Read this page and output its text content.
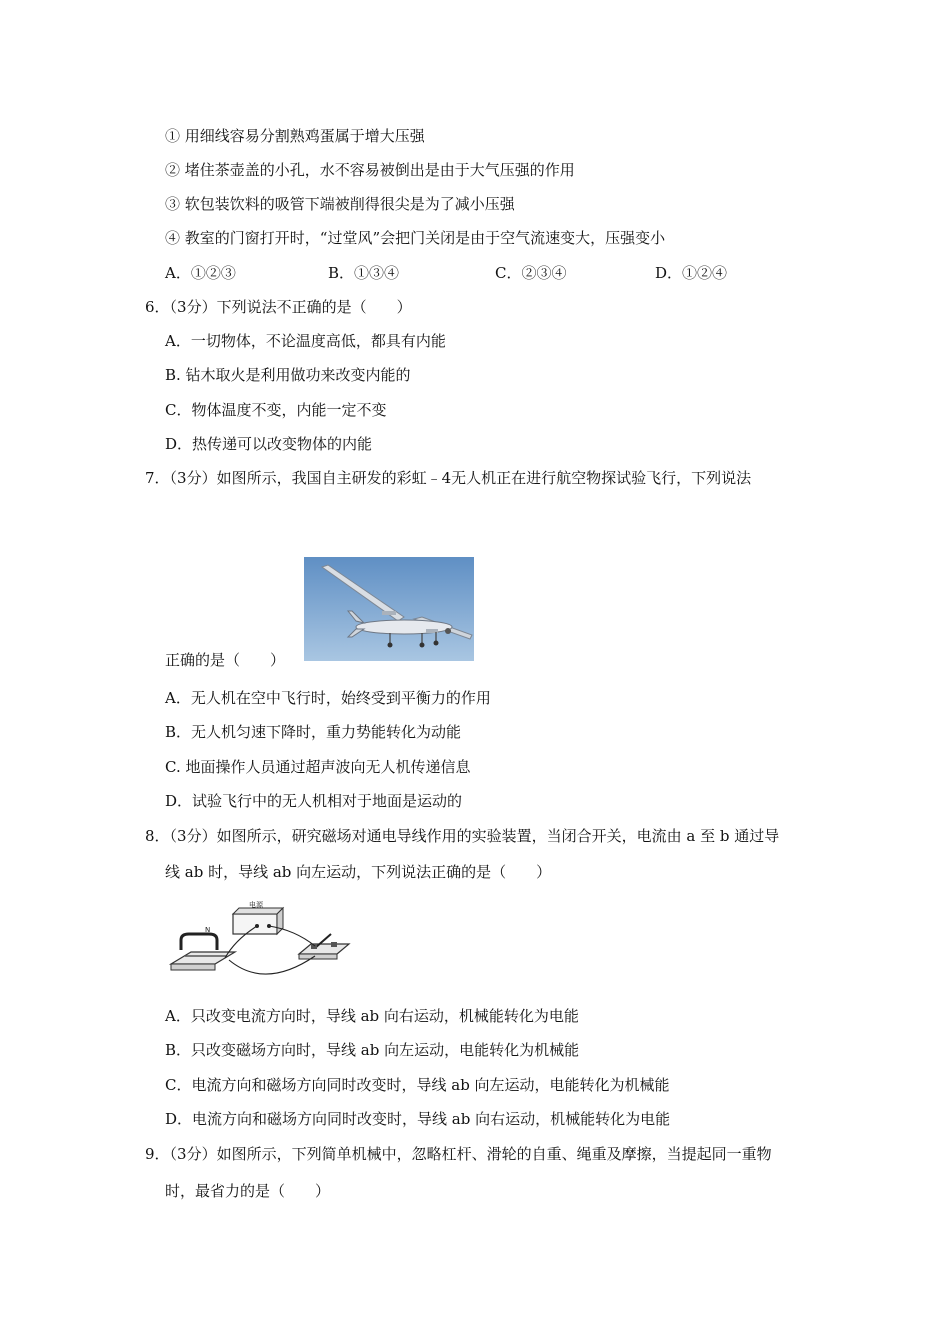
① 用细线容易分割熟鸡蛋属于增大压强
② 堵住茶壶盖的小孔，水不容易被倒出是由于大气压强的作用
③ 软包装饮料的吸管下端被削得很尖是为了减小压强
④ 教室的门窗打开时，“过堂风”会把门关闭是由于空气流速变大，压强变小
A．①②③	B．①③④	C．②③④	D．①②④
6．（3分）下列说法不正确的是（　　）
A．一切物体，不论温度高低，都具有内能
B. 钻木取火是利用做功来改变内能的
C．物体温度不变，内能一定不变
D．热传递可以改变物体的内能
7．（3分）如图所示，我国自主研发的彩虹﹣4无人机正在进行航空物探试验飞行，下列说法
正确的是（　　）
A．无人机在空中飞行时，始终受到平衡力的作用
B．无人机匀速下降时，重力势能转化为动能
C. 地面操作人员通过超声波向无人机传递信息
D．试验飞行中的无人机相对于地面是运动的
8．（3分）如图所示，研究磁场对通电导线作用的实验装置，当闭合开关，电流由 a 至 b 通过导
线 ab 时，导线 ab 向左运动，下列说法正确的是（　　）
电源
N
A．只改变电流方向时，导线 ab 向右运动，机械能转化为电能
B．只改变磁场方向时，导线 ab 向左运动，电能转化为机械能
C．电流方向和磁场方向同时改变时，导线 ab 向左运动，电能转化为机械能
D．电流方向和磁场方向同时改变时，导线 ab 向右运动，机械能转化为电能
9．（3分）如图所示，下列简单机械中，忽略杠杆、滑轮的自重、绳重及摩擦，当提起同一重物
时，最省力的是（　　）
